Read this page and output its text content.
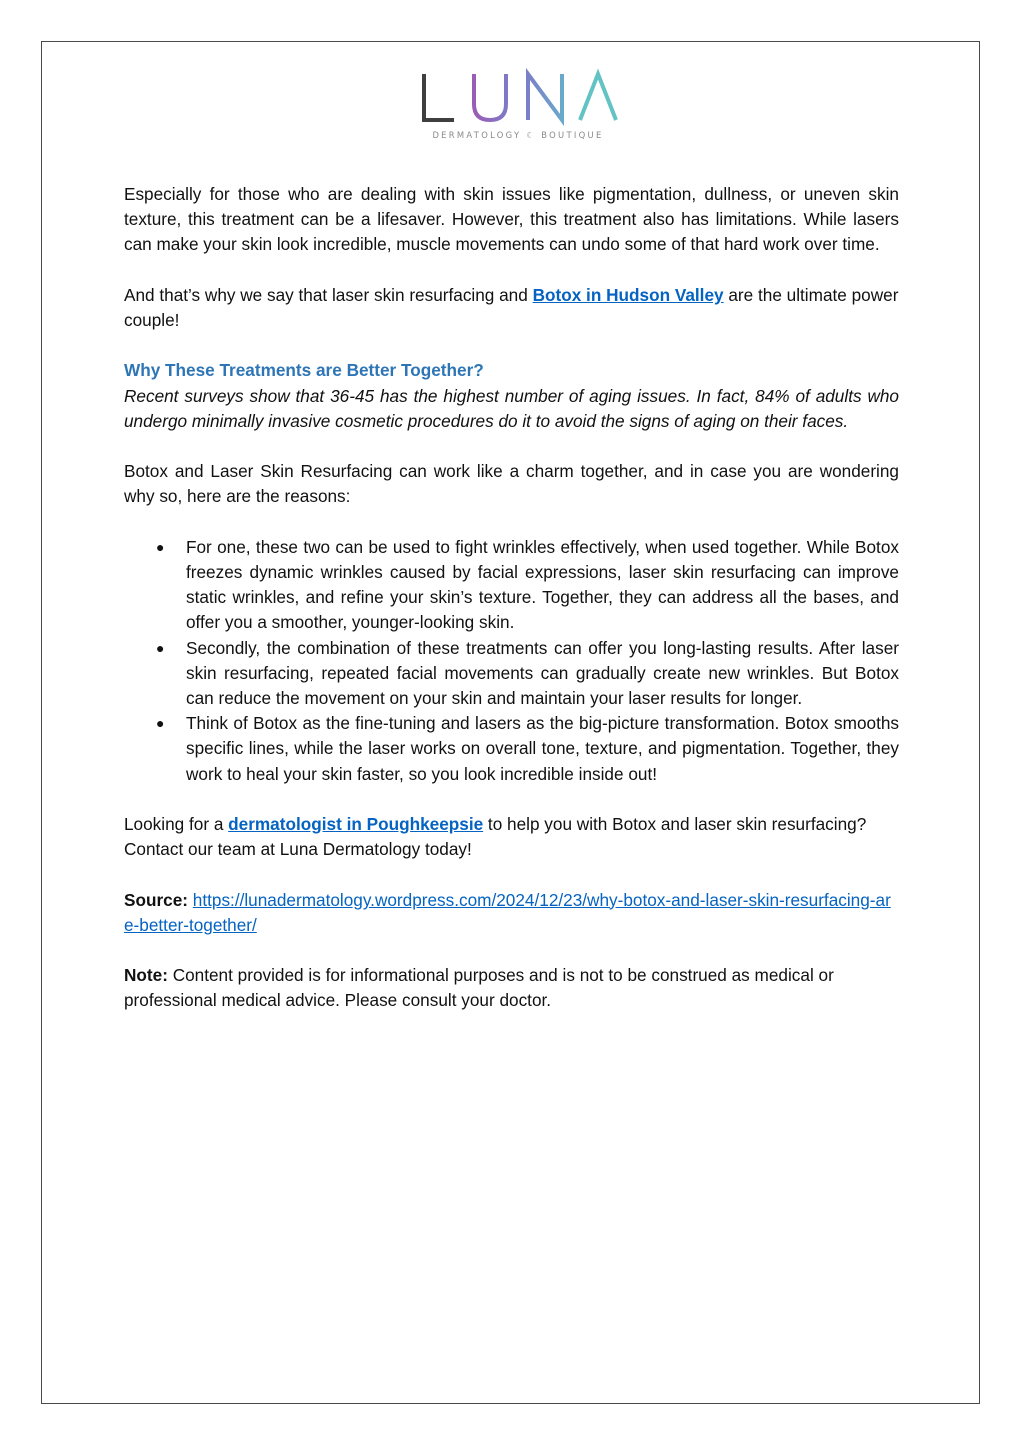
DERMATOLOGY ☾ BOUTIQUE

Especially for those who are dealing with skin issues like pigmentation, dullness, or uneven skin texture, this treatment can be a lifesaver. However, this treatment also has limitations. While lasers can make your skin look incredible, muscle movements can undo some of that hard work over time.

And that’s why we say that laser skin resurfacing and Botox in Hudson Valley are the ultimate power couple!

Why These Treatments are Better Together?

Recent surveys show that 36-45 has the highest number of aging issues. In fact, 84% of adults who undergo minimally invasive cosmetic procedures do it to avoid the signs of aging on their faces.

Botox and Laser Skin Resurfacing can work like a charm together, and in case you are wondering why so, here are the reasons:

● For one, these two can be used to fight wrinkles effectively, when used together. While Botox freezes dynamic wrinkles caused by facial expressions, laser skin resurfacing can improve static wrinkles, and refine your skin’s texture. Together, they can address all the bases, and offer you a smoother, younger-looking skin.
● Secondly, the combination of these treatments can offer you long-lasting results. After laser skin resurfacing, repeated facial movements can gradually create new wrinkles. But Botox can reduce the movement on your skin and maintain your laser results for longer.
● Think of Botox as the fine-tuning and lasers as the big-picture transformation. Botox smooths specific lines, while the laser works on overall tone, texture, and pigmentation. Together, they work to heal your skin faster, so you look incredible inside out!

Looking for a dermatologist in Poughkeepsie to help you with Botox and laser skin resurfacing? Contact our team at Luna Dermatology today!

Source: https://lunadermatology.wordpress.com/2024/12/23/why-botox-and-laser-skin-resurfacing-are-better-together/

Note: Content provided is for informational purposes and is not to be construed as medical or professional medical advice. Please consult your doctor.
